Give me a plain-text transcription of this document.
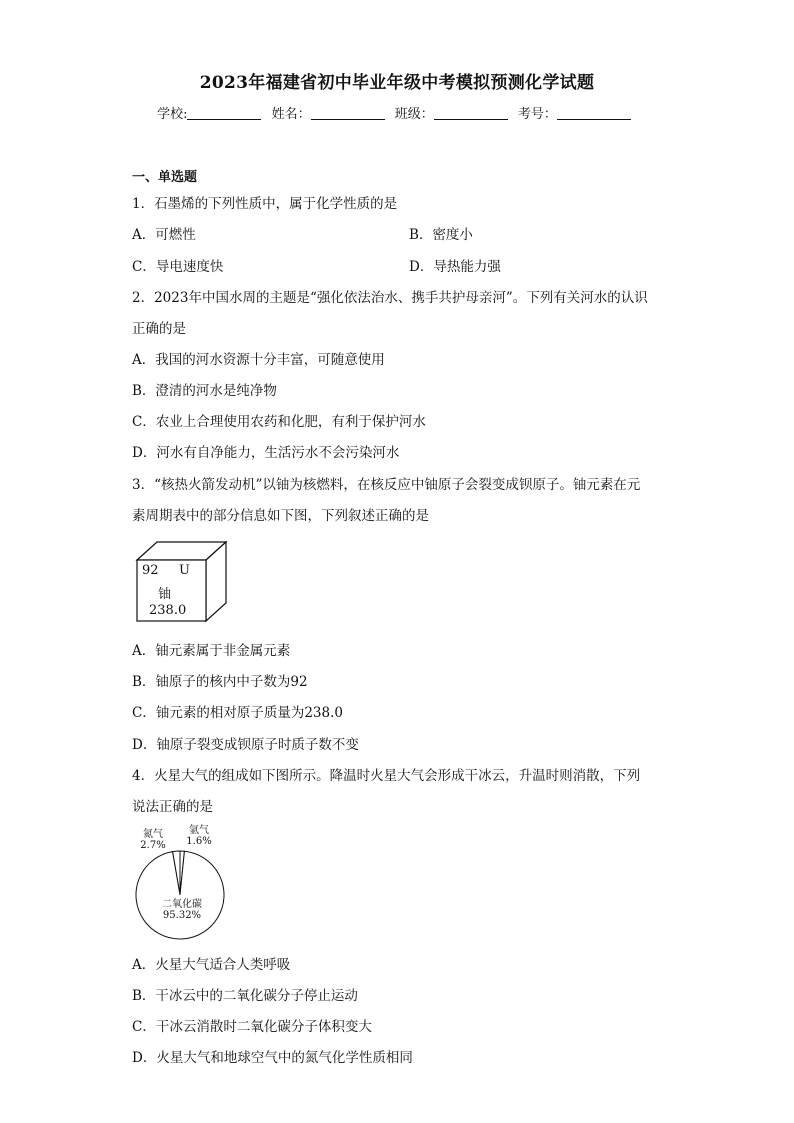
2023年福建省初中毕业年级中考模拟预测化学试题
学校:	姓名：	班级：	考号：
一、单选题
1．石墨烯的下列性质中，属于化学性质的是
A．可燃性	B．密度小
C．导电速度快	D．导热能力强
2．2023年中国水周的主题是“强化依法治水、携手共护母亲河”。下列有关河水的认识
正确的是
A．我国的河水资源十分丰富，可随意使用
B．澄清的河水是纯净物
C．农业上合理使用农药和化肥，有利于保护河水
D．河水有自净能力，生活污水不会污染河水
3．“核热火箭发动机”以铀为核燃料，在核反应中铀原子会裂变成钡原子。铀元素在元
素周期表中的部分信息如下图，下列叙述正确的是
92 U
铀
238.0
A．铀元素属于非金属元素
B．铀原子的核内中子数为92
C．铀元素的相对原子质量为238.0
D．铀原子裂变成钡原子时质子数不变
4．火星大气的组成如下图所示。降温时火星大气会形成干冰云，升温时则消散，下列
说法正确的是
氮气
2.7%
氩气
1.6%
二氧化碳
95.32%
A．火星大气适合人类呼吸
B．干冰云中的二氧化碳分子停止运动
C．干冰云消散时二氧化碳分子体积变大
D．火星大气和地球空气中的氮气化学性质相同
